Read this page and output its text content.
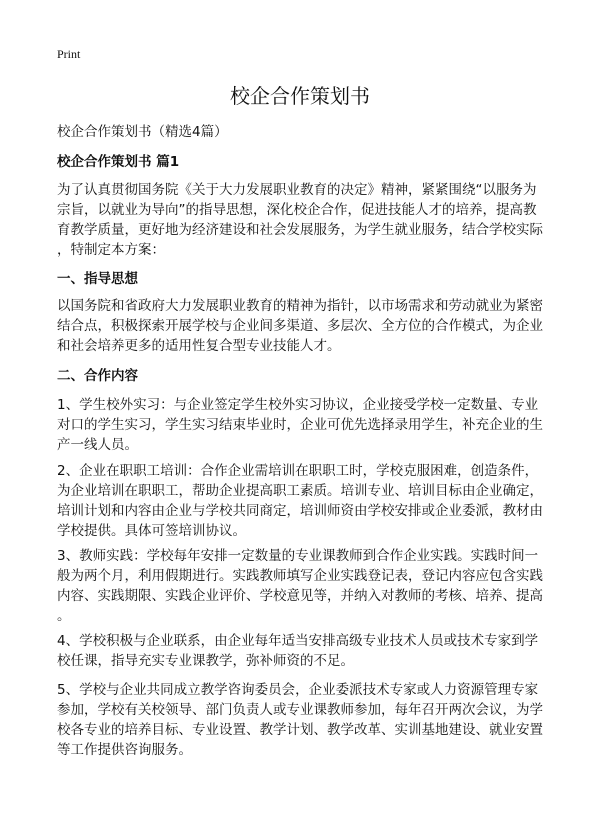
Print
校企合作策划书
校企合作策划书（精选4篇）
校企合作策划书 篇1
为了认真贯彻国务院《关于大力发展职业教育的决定》精神，紧紧围绕“以服务为
宗旨，以就业为导向”的指导思想，深化校企合作，促进技能人才的培养，提高教
育教学质量，更好地为经济建设和社会发展服务，为学生就业服务，结合学校实际
，特制定本方案：
一、指导思想
以国务院和省政府大力发展职业教育的精神为指针，以市场需求和劳动就业为紧密
结合点，积极探索开展学校与企业间多渠道、多层次、全方位的合作模式，为企业
和社会培养更多的适用性复合型专业技能人才。
二、合作内容
1、学生校外实习：与企业签定学生校外实习协议，企业接受学校一定数量、专业
对口的学生实习，学生实习结束毕业时，企业可优先选择录用学生，补充企业的生
产一线人员。
2、企业在职职工培训：合作企业需培训在职职工时，学校克服困难，创造条件，
为企业培训在职职工，帮助企业提高职工素质。培训专业、培训目标由企业确定，
培训计划和内容由企业与学校共同商定，培训师资由学校安排或企业委派，教材由
学校提供。具体可签培训协议。
3、教师实践：学校每年安排一定数量的专业课教师到合作企业实践。实践时间一
般为两个月，利用假期进行。实践教师填写企业实践登记表，登记内容应包含实践
内容、实践期限、实践企业评价、学校意见等，并纳入对教师的考核、培养、提高
。
4、学校积极与企业联系，由企业每年适当安排高级专业技术人员或技术专家到学
校任课，指导充实专业课教学，弥补师资的不足。
5、学校与企业共同成立教学咨询委员会，企业委派技术专家或人力资源管理专家
参加，学校有关校领导、部门负责人或专业课教师参加，每年召开两次会议，为学
校各专业的培养目标、专业设置、教学计划、教学改革、实训基地建设、就业安置
等工作提供咨询服务。
